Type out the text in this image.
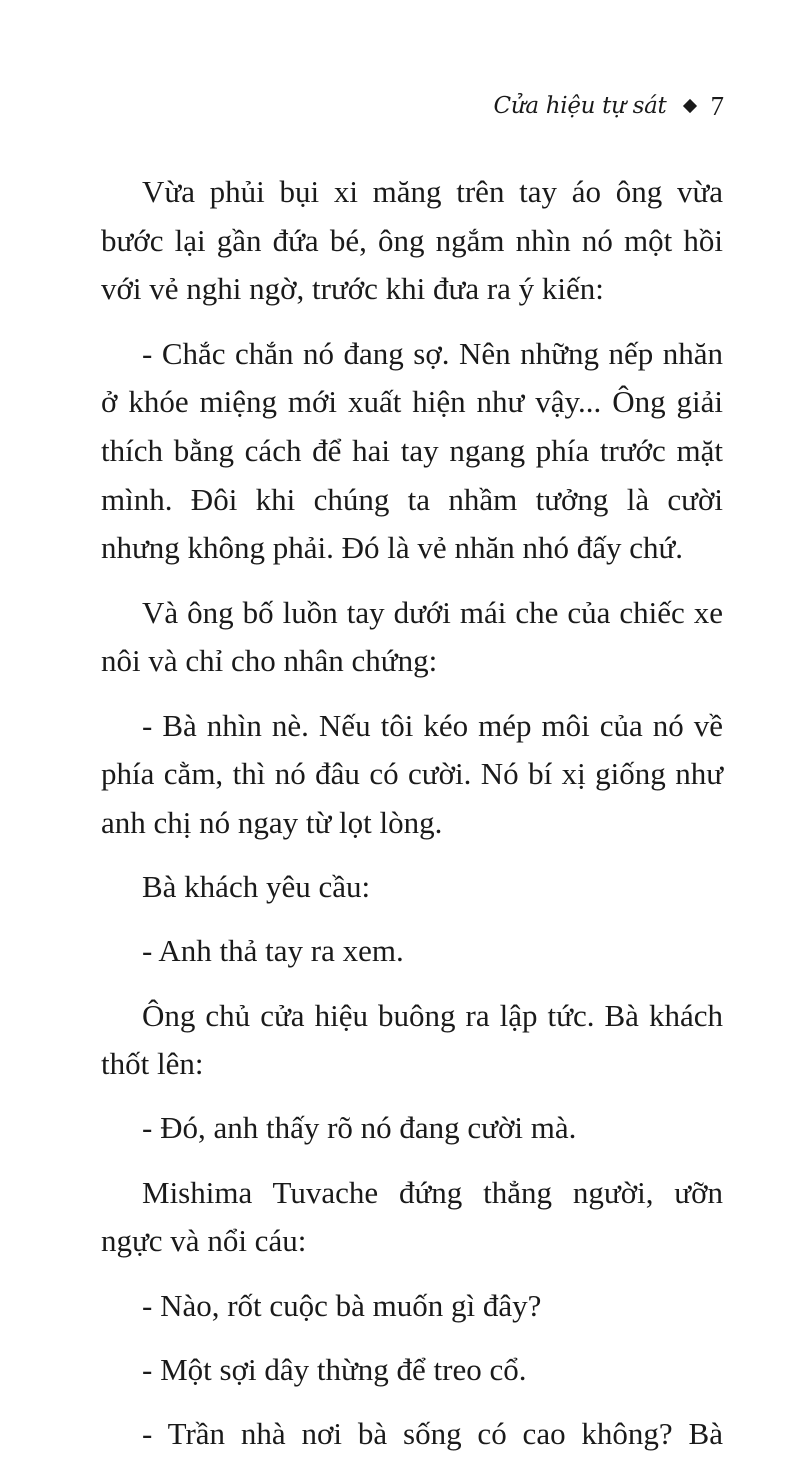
Cửa hiệu tự sát 7

Vừa phủi bụi xi măng trên tay áo ông vừa bước lại gần đứa bé, ông ngắm nhìn nó một hồi với vẻ nghi ngờ, trước khi đưa ra ý kiến:

- Chắc chắn nó đang sợ. Nên những nếp nhăn ở khóe miệng mới xuất hiện như vậy... Ông giải thích bằng cách để hai tay ngang phía trước mặt mình. Đôi khi chúng ta nhầm tưởng là cười nhưng không phải. Đó là vẻ nhăn nhó đấy chứ.

Và ông bố luồn tay dưới mái che của chiếc xe nôi và chỉ cho nhân chứng:

- Bà nhìn nè. Nếu tôi kéo mép môi của nó về phía cằm, thì nó đâu có cười. Nó bí xị giống như anh chị nó ngay từ lọt lòng.

Bà khách yêu cầu:

- Anh thả tay ra xem.

Ông chủ cửa hiệu buông ra lập tức. Bà khách thốt lên:

- Đó, anh thấy rõ nó đang cười mà.

Mishima Tuvache đứng thẳng người, ưỡn ngực và nổi cáu:

- Nào, rốt cuộc bà muốn gì đây?

- Một sợi dây thừng để treo cổ.

- Trần nhà nơi bà sống có cao không? Bà
